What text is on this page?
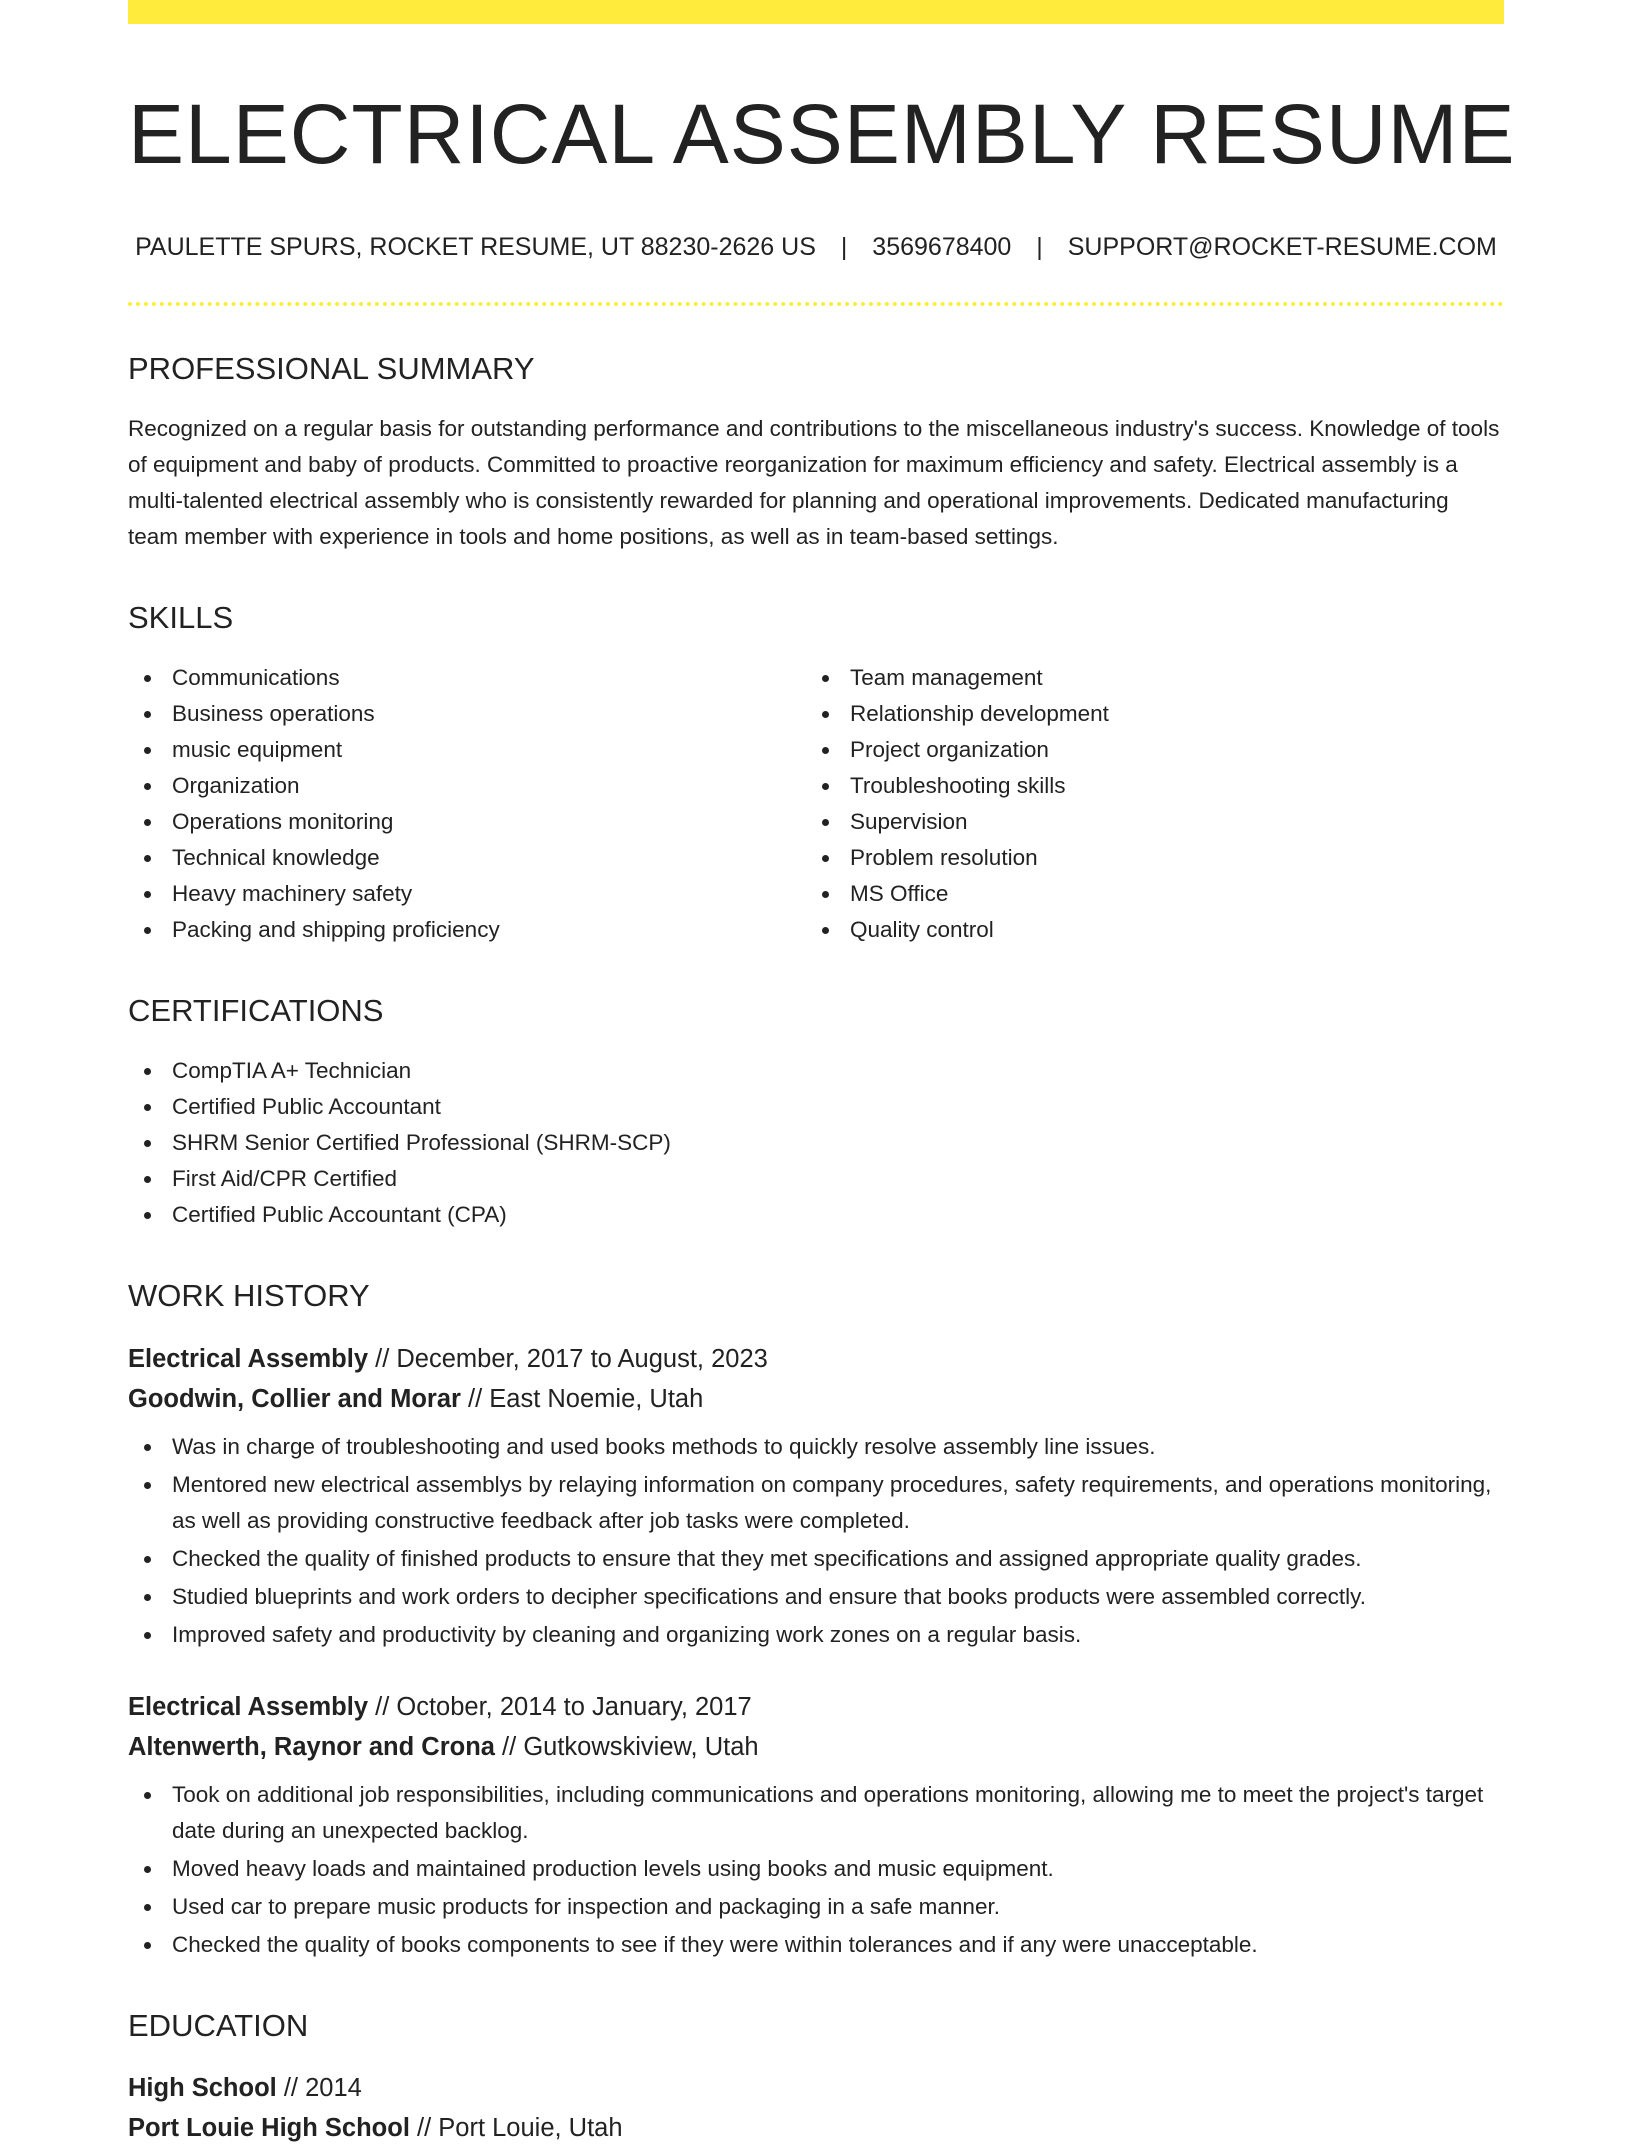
ELECTRICAL ASSEMBLY RESUME
PAULETTE SPURS, ROCKET RESUME, UT 88230-2626 US | 3569678400 | SUPPORT@ROCKET-RESUME.COM
PROFESSIONAL SUMMARY

Recognized on a regular basis for outstanding performance and contributions to the miscellaneous industry's success. Knowledge of tools of equipment and baby of products. Committed to proactive reorganization for maximum efficiency and safety. Electrical assembly is a multi-talented electrical assembly who is consistently rewarded for planning and operational improvements. Dedicated manufacturing team member with experience in tools and home positions, as well as in team-based settings.

SKILLS
Communications
Business operations
music equipment
Organization
Operations monitoring
Technical knowledge
Heavy machinery safety
Packing and shipping proficiency
Team management
Relationship development
Project organization
Troubleshooting skills
Supervision
Problem resolution
MS Office
Quality control
CERTIFICATIONS
CompTIA A+ Technician
Certified Public Accountant
SHRM Senior Certified Professional (SHRM-SCP)
First Aid/CPR Certified
Certified Public Accountant (CPA)
WORK HISTORY
Electrical Assembly // December, 2017 to August, 2023
Goodwin, Collier and Morar // East Noemie, Utah
Was in charge of troubleshooting and used books methods to quickly resolve assembly line issues.
Mentored new electrical assemblys by relaying information on company procedures, safety requirements, and operations monitoring, as well as providing constructive feedback after job tasks were completed.
Checked the quality of finished products to ensure that they met specifications and assigned appropriate quality grades.
Studied blueprints and work orders to decipher specifications and ensure that books products were assembled correctly.
Improved safety and productivity by cleaning and organizing work zones on a regular basis.
Electrical Assembly // October, 2014 to January, 2017
Altenwerth, Raynor and Crona // Gutkowskiview, Utah
Took on additional job responsibilities, including communications and operations monitoring, allowing me to meet the project's target date during an unexpected backlog.
Moved heavy loads and maintained production levels using books and music equipment.
Used car to prepare music products for inspection and packaging in a safe manner.
Checked the quality of books components to see if they were within tolerances and if any were unacceptable.
EDUCATION
High School // 2014
Port Louie High School // Port Louie, Utah
